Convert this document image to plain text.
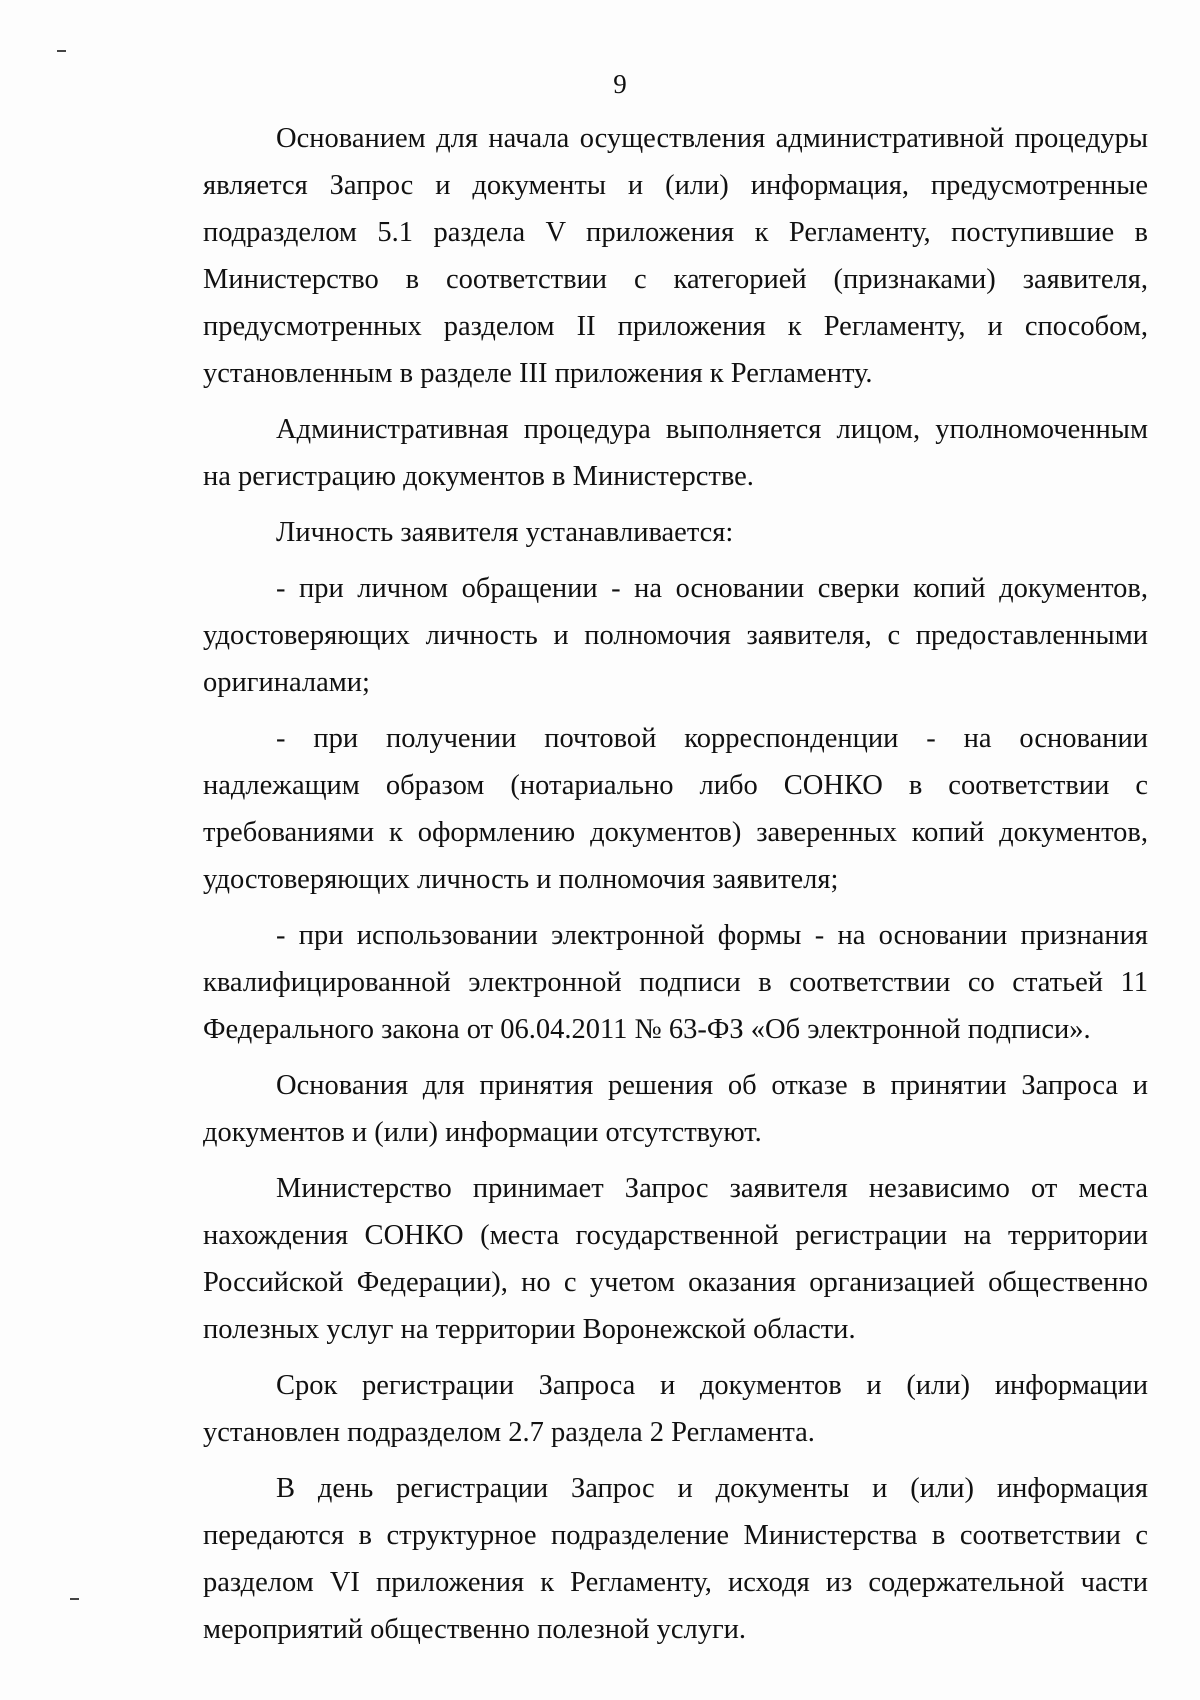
9

Основанием для начала осуществления административной процедуры является Запрос и документы и (или) информация, предусмотренные подразделом 5.1 раздела V приложения к Регламенту, поступившие в Министерство в соответствии с категорией (признаками) заявителя, предусмотренных разделом II приложения к Регламенту, и способом, установленным в разделе III приложения к Регламенту.

Административная процедура выполняется лицом, уполномоченным на регистрацию документов в Министерстве.

Личность заявителя устанавливается:

- при личном обращении - на основании сверки копий документов, удостоверяющих личность и полномочия заявителя, с предоставленными оригиналами;

- при получении почтовой корреспонденции - на основании надлежащим образом (нотариально либо СОНКО в соответствии с требованиями к оформлению документов) заверенных копий документов, удостоверяющих личность и полномочия заявителя;

- при использовании электронной формы - на основании признания квалифицированной электронной подписи в соответствии со статьей 11 Федерального закона от 06.04.2011 № 63-ФЗ «Об электронной подписи».

Основания для принятия решения об отказе в принятии Запроса и документов и (или) информации отсутствуют.

Министерство принимает Запрос заявителя независимо от места нахождения СОНКО (места государственной регистрации на территории Российской Федерации), но с учетом оказания организацией общественно полезных услуг на территории Воронежской области.

Срок регистрации Запроса и документов и (или) информации установлен подразделом 2.7 раздела 2 Регламента.

В день регистрации Запрос и документы и (или) информация передаются в структурное подразделение Министерства в соответствии с разделом VI приложения к Регламенту, исходя из содержательной части мероприятий общественно полезной услуги.
